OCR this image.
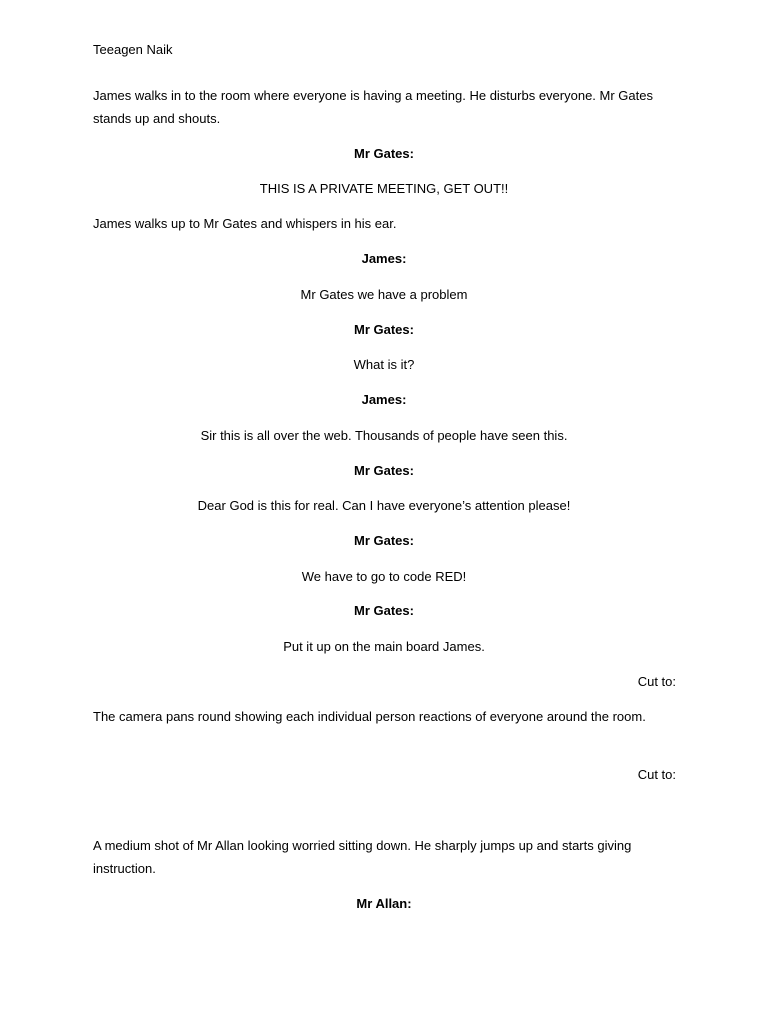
Teeagen Naik
James walks in to the room where everyone is having a meeting. He disturbs everyone. Mr Gates stands up and shouts.
Mr Gates:
THIS IS A PRIVATE MEETING, GET OUT!!
James walks up to Mr Gates and whispers in his ear.
James:
Mr Gates we have a problem
Mr Gates:
What is it?
James:
Sir this is all over the web. Thousands of people have seen this.
Mr Gates:
Dear God is this for real. Can I have everyone’s attention please!
Mr Gates:
We have to go to code RED!
Mr Gates:
Put it up on the main board James.
Cut to:
The camera pans round showing each individual person reactions of everyone around the room.
Cut to:
A medium shot of Mr Allan looking worried sitting down. He sharply jumps up and starts giving instruction.
Mr Allan:
